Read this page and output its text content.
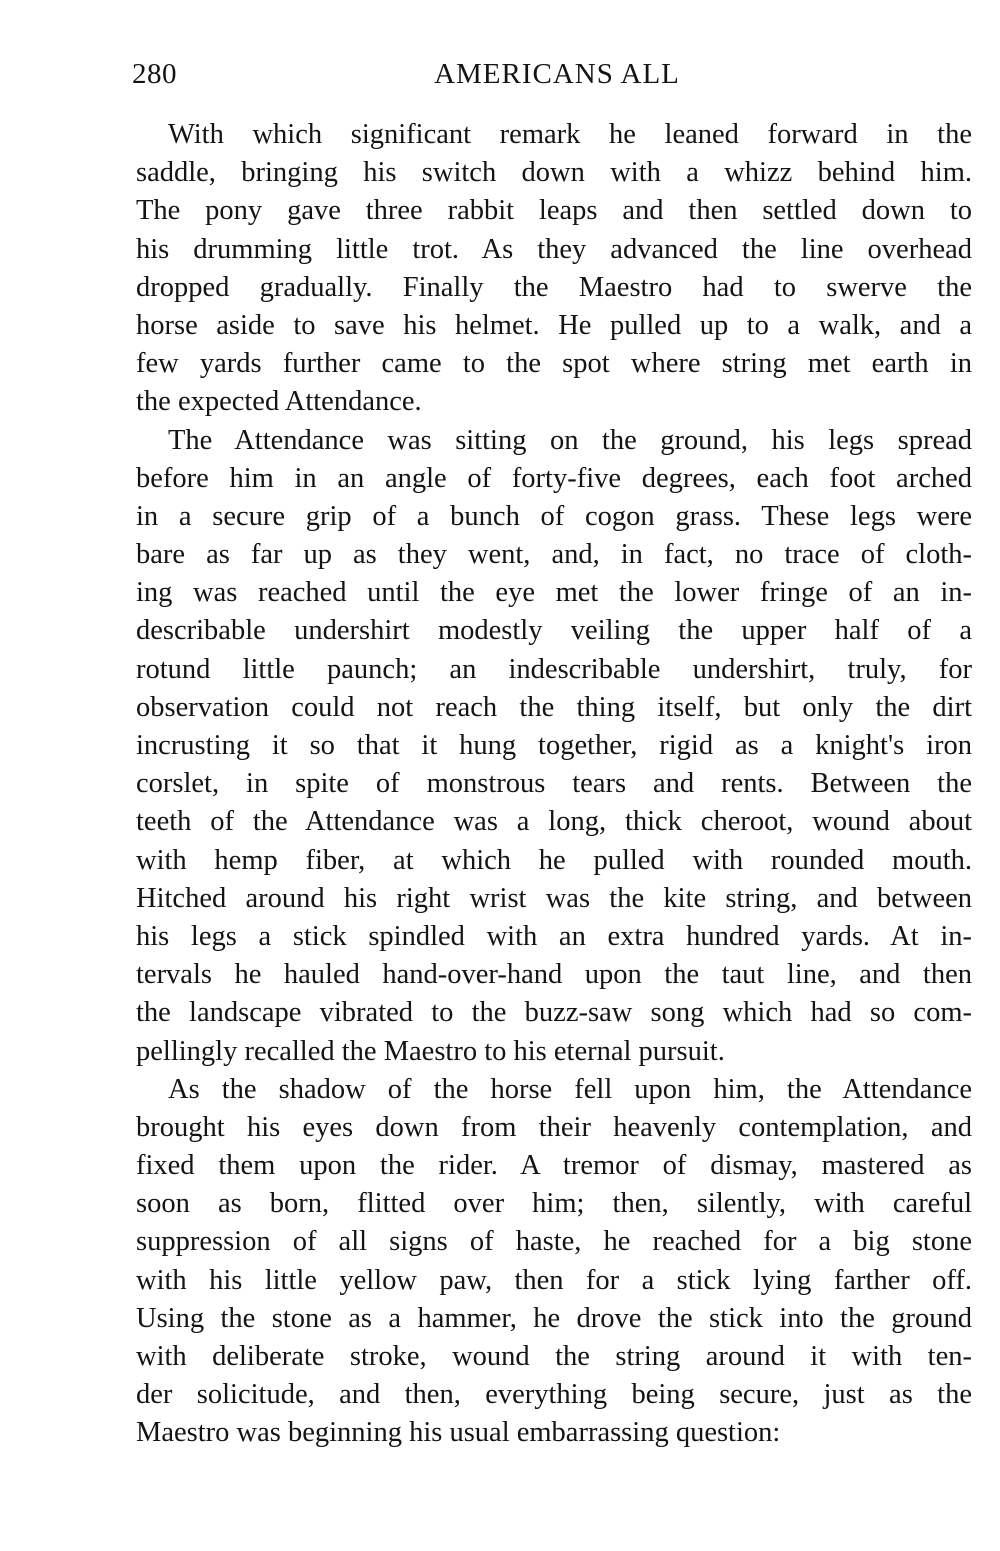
280	AMERICANS ALL
With which significant remark he leaned forward in the
saddle, bringing his switch down with a whizz behind him.
The pony gave three rabbit leaps and then settled down to
his drumming little trot. As they advanced the line overhead
dropped gradually. Finally the Maestro had to swerve the
horse aside to save his helmet. He pulled up to a walk, and a
few yards further came to the spot where string met earth in
the expected Attendance.
The Attendance was sitting on the ground, his legs spread
before him in an angle of forty-five degrees, each foot arched
in a secure grip of a bunch of cogon grass. These legs were
bare as far up as they went, and, in fact, no trace of cloth-
ing was reached until the eye met the lower fringe of an in-
describable undershirt modestly veiling the upper half of a
rotund little paunch; an indescribable undershirt, truly, for
observation could not reach the thing itself, but only the dirt
incrusting it so that it hung together, rigid as a knight's iron
corslet, in spite of monstrous tears and rents. Between the
teeth of the Attendance was a long, thick cheroot, wound about
with hemp fiber, at which he pulled with rounded mouth.
Hitched around his right wrist was the kite string, and between
his legs a stick spindled with an extra hundred yards. At in-
tervals he hauled hand-over-hand upon the taut line, and then
the landscape vibrated to the buzz-saw song which had so com-
pellingly recalled the Maestro to his eternal pursuit.
As the shadow of the horse fell upon him, the Attendance
brought his eyes down from their heavenly contemplation, and
fixed them upon the rider. A tremor of dismay, mastered as
soon as born, flitted over him; then, silently, with careful
suppression of all signs of haste, he reached for a big stone
with his little yellow paw, then for a stick lying farther off.
Using the stone as a hammer, he drove the stick into the ground
with deliberate stroke, wound the string around it with ten-
der solicitude, and then, everything being secure, just as the
Maestro was beginning his usual embarrassing question:
